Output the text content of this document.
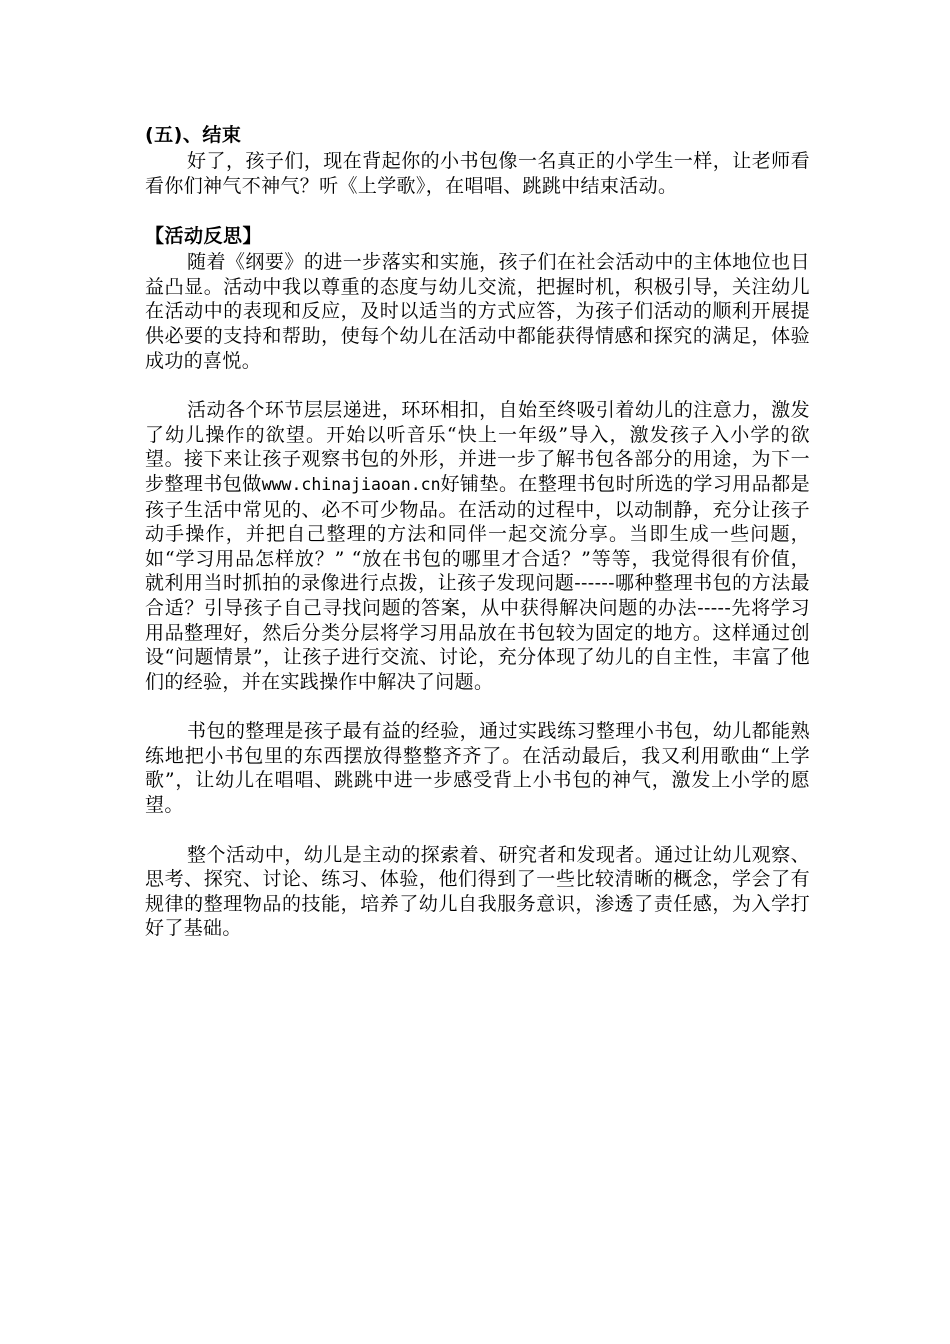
(五)、结束

好了，孩子们，现在背起你的小书包像一名真正的小学生一样，让老师看看你们神气不神气？听《上学歌》，在唱唱、跳跳中结束活动。

【活动反思】

随着《纲要》的进一步落实和实施，孩子们在社会活动中的主体地位也日益凸显。活动中我以尊重的态度与幼儿交流，把握时机，积极引导，关注幼儿在活动中的表现和反应，及时以适当的方式应答，为孩子们活动的顺利开展提供必要的支持和帮助，使每个幼儿在活动中都能获得情感和探究的满足，体验成功的喜悦。

活动各个环节层层递进，环环相扣，自始至终吸引着幼儿的注意力，激发了幼儿操作的欲望。开始以听音乐“快上一年级”导入，激发孩子入小学的欲望。接下来让孩子观察书包的外形，并进一步了解书包各部分的用途，为下一步整理书包做www.chinajiaoan.cn好铺垫。在整理书包时所选的学习用品都是孩子生活中常见的、必不可少物品。在活动的过程中，以动制静，充分让孩子动手操作，并把自己整理的方法和同伴一起交流分享。当即生成一些问题，如“学习用品怎样放？” “放在书包的哪里才合适？”等等，我觉得很有价值，就利用当时抓拍的录像进行点拨，让孩子发现问题------哪种整理书包的方法最合适？引导孩子自己寻找问题的答案，从中获得解决问题的办法-----先将学习用品整理好，然后分类分层将学习用品放在书包较为固定的地方。这样通过创设“问题情景”，让孩子进行交流、讨论，充分体现了幼儿的自主性，丰富了他们的经验，并在实践操作中解决了问题。

书包的整理是孩子最有益的经验，通过实践练习整理小书包，幼儿都能熟练地把小书包里的东西摆放得整整齐齐了。在活动最后，我又利用歌曲“上学歌”，让幼儿在唱唱、跳跳中进一步感受背上小书包的神气，激发上小学的愿望。

整个活动中，幼儿是主动的探索着、研究者和发现者。通过让幼儿观察、思考、探究、讨论、练习、体验，他们得到了一些比较清晰的概念，学会了有规律的整理物品的技能，培养了幼儿自我服务意识，渗透了责任感，为入学打好了基础。
